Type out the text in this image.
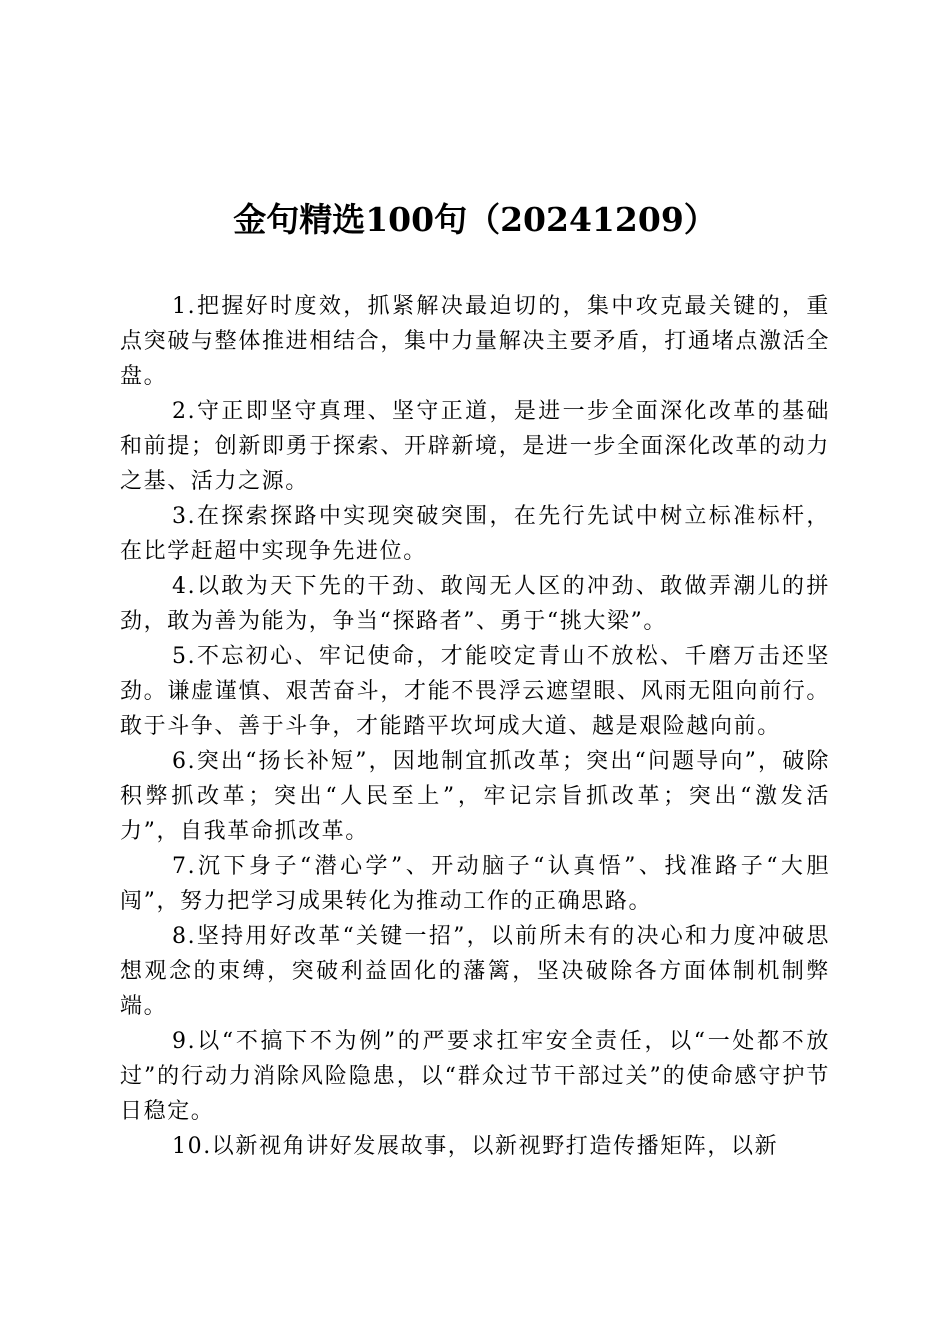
金句精选100句（20241209）

1.把握好时度效，抓紧解决最迫切的，集中攻克最关键的，重点突破与整体推进相结合，集中力量解决主要矛盾，打通堵点激活全盘。

2.守正即坚守真理、坚守正道，是进一步全面深化改革的基础和前提；创新即勇于探索、开辟新境，是进一步全面深化改革的动力之基、活力之源。

3.在探索探路中实现突破突围，在先行先试中树立标准标杆，在比学赶超中实现争先进位。

4.以敢为天下先的干劲、敢闯无人区的冲劲、敢做弄潮儿的拼劲，敢为善为能为，争当“探路者”、勇于“挑大梁”。

5.不忘初心、牢记使命，才能咬定青山不放松、千磨万击还坚劲。谦虚谨慎、艰苦奋斗，才能不畏浮云遮望眼、风雨无阻向前行。敢于斗争、善于斗争，才能踏平坎坷成大道、越是艰险越向前。

6.突出“扬长补短”，因地制宜抓改革；突出“问题导向”，破除积弊抓改革；突出“人民至上”，牢记宗旨抓改革；突出“激发活力”，自我革命抓改革。

7.沉下身子“潜心学”、开动脑子“认真悟”、找准路子“大胆闯”，努力把学习成果转化为推动工作的正确思路。

8.坚持用好改革“关键一招”，以前所未有的决心和力度冲破思想观念的束缚，突破利益固化的藩篱，坚决破除各方面体制机制弊端。

9.以“不搞下不为例”的严要求扛牢安全责任，以“一处都不放过”的行动力消除风险隐患，以“群众过节干部过关”的使命感守护节日稳定。

10.以新视角讲好发展故事，以新视野打造传播矩阵，以新
